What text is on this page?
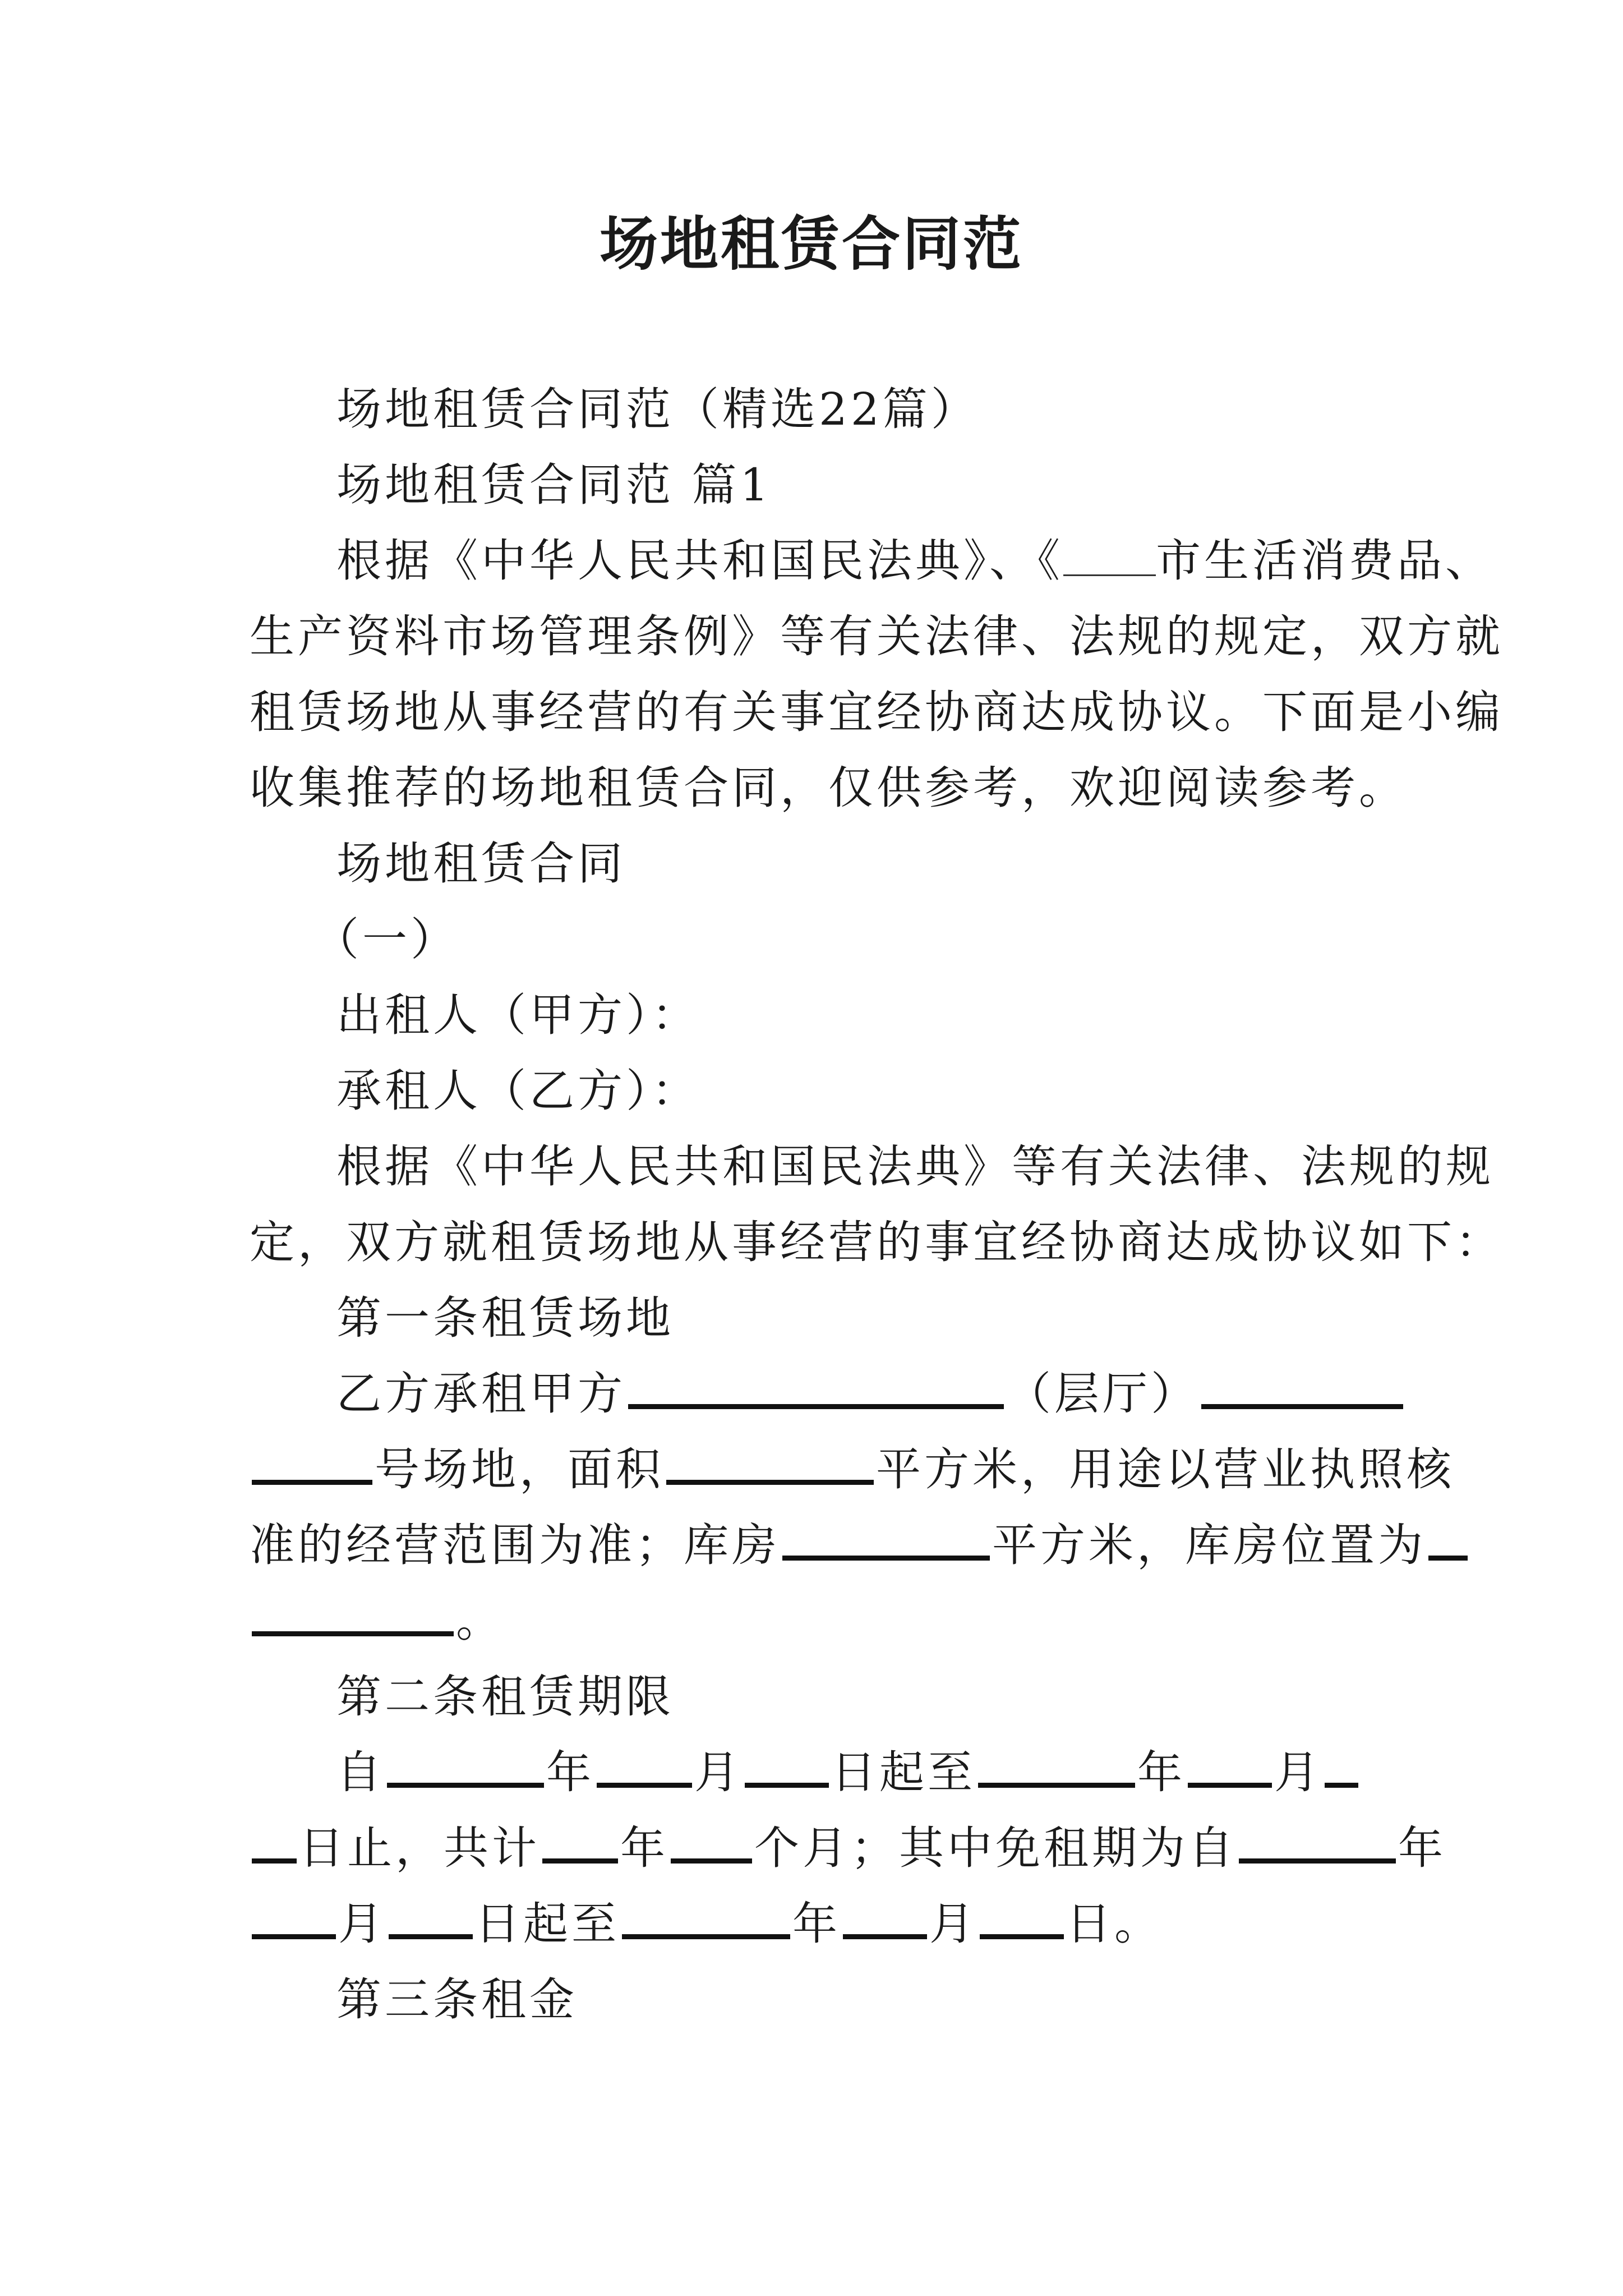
场地租赁合同范
场地租赁合同范（精选22篇）
场地租赁合同范 篇1
根据《中华人民共和国民法典》、《 市生活消费品、
生产资料市场管理条例》等有关法律、法规的规定，双方就
租赁场地从事经营的有关事宜经协商达成协议。下面是小编
收集推荐的场地租赁合同，仅供参考，欢迎阅读参考。
场地租赁合同
（一）
出租人（甲方）：
承租人（乙方）：
根据《中华人民共和国民法典》等有关法律、法规的规
定，双方就租赁场地从事经营的事宜经协商达成协议如下：
第一条租赁场地
乙方承租甲方	（层厅）
号场地，面积	平方米，用途以营业执照核
准的经营范围为准；库房	平方米，库房位置为
。
第二条租赁期限
自	年 月 日起至	年 月
日止，共计 年 个月；其中免租期为自	年
月 日起至	年 月 日。
第三条租金
